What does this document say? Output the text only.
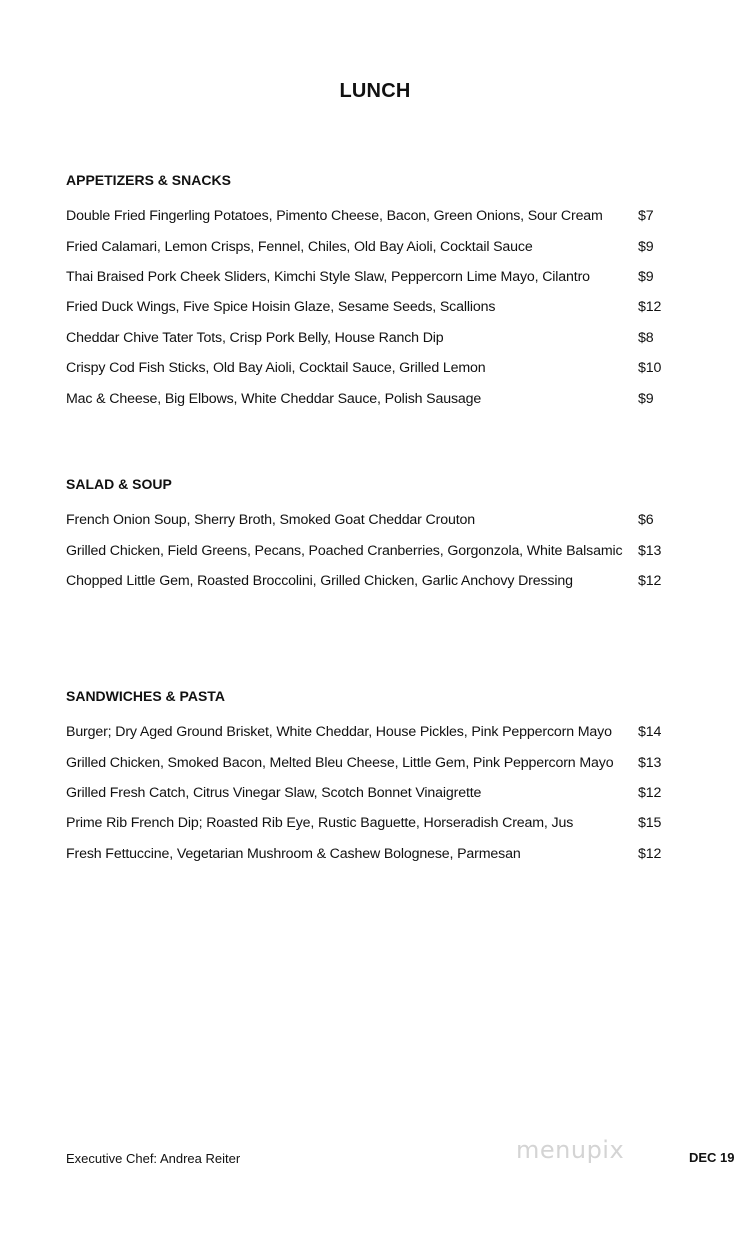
LUNCH
APPETIZERS & SNACKS
Double Fried Fingerling Potatoes, Pimento Cheese, Bacon, Green Onions, Sour Cream $7
Fried Calamari, Lemon Crisps, Fennel, Chiles, Old Bay Aioli, Cocktail Sauce	$9
Thai Braised Pork Cheek Sliders, Kimchi Style Slaw, Peppercorn Lime Mayo, Cilantro	$9
Fried Duck Wings, Five Spice Hoisin Glaze, Sesame Seeds, Scallions	$12
Cheddar Chive Tater Tots, Crisp Pork Belly, House Ranch Dip	$8
Crispy Cod Fish Sticks, Old Bay Aioli, Cocktail Sauce, Grilled Lemon	$10
Mac & Cheese, Big Elbows, White Cheddar Sauce, Polish Sausage	$9
SALAD & SOUP
French Onion Soup, Sherry Broth, Smoked Goat Cheddar Crouton	$6
Grilled Chicken, Field Greens, Pecans, Poached Cranberries, Gorgonzola, White Balsamic $13
Chopped Little Gem, Roasted Broccolini, Grilled Chicken, Garlic Anchovy Dressing	$12
SANDWICHES & PASTA
Burger; Dry Aged Ground Brisket, White Cheddar, House Pickles, Pink Peppercorn Mayo $14
Grilled Chicken, Smoked Bacon, Melted Bleu Cheese, Little Gem, Pink Peppercorn Mayo $13
Grilled Fresh Catch, Citrus Vinegar Slaw, Scotch Bonnet Vinaigrette	$12
Prime Rib French Dip; Roasted Rib Eye, Rustic Baguette, Horseradish Cream, Jus	$15
Fresh Fettuccine, Vegetarian Mushroom & Cashew Bolognese, Parmesan	$12
Executive Chef: Andrea Reiter	menupix	DEC 19
